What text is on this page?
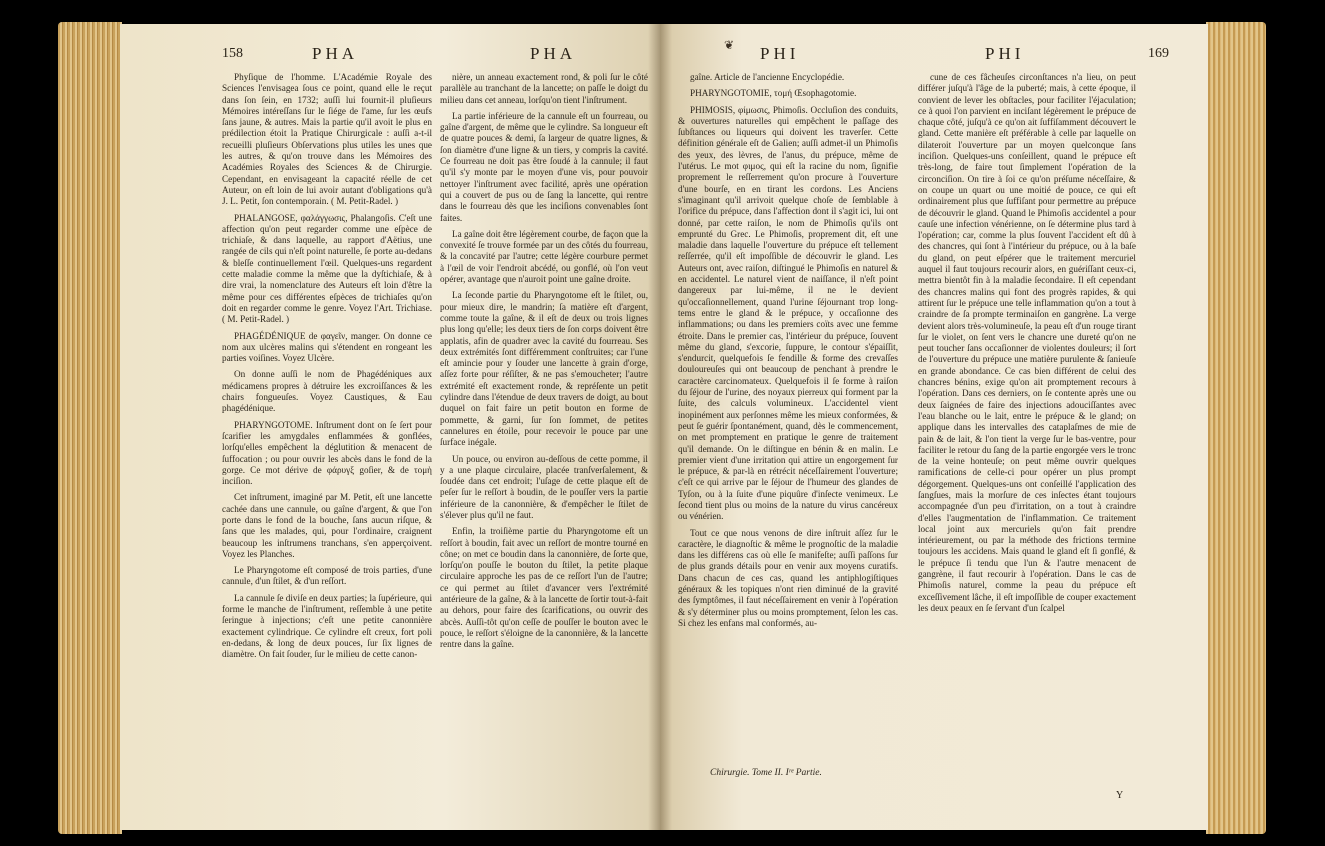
158	PHA	PHA	❦ PHI	PHI	169

Phyſique de l'homme. L'Académie Royale des Sciences l'envisagea ſous ce point, quand elle le reçut dans ſon ſein, en 1732; auſſi lui fournit-il pluſieurs Mémoires intéreſſans ſur le ſiége de l'ame, ſur les œufs ſans jaune, & autres. Mais la partie qu'il avoit le plus en prédilection étoit la Pratique Chirurgicale : auſſi a-t-il recueilli pluſieurs Obſervations plus utiles les unes que les autres, & qu'on trouve dans les Mémoires des Académies Royales des Sciences & de Chirurgie. Cependant, en envisageant la capacité réelle de cet Auteur, on eſt loin de lui avoir autant d'obligations qu'à J. L. Petit, ſon contemporain. ( M. Petit-Radel. )

PHALANGOSE, φαλάγγωσις, Phalangoſis. C'eſt une affection qu'on peut regarder comme une eſpèce de trichiaſe, & dans laquelle, au rapport d'Aëtius, une rangée de cils qui n'eſt point naturelle, ſe porte au-dedans & bleſſe continuellement l'œil. Quelques-uns regardent cette maladie comme la même que la dyſtichiaſe, & à dire vrai, la nomenclature des Auteurs eſt loin d'être la même pour ces différentes eſpèces de trichiaſes qu'on doit en regarder comme le genre. Voyez l'Art. Trichiase. ( M. Petit-Radel. )

PHAGÉDÉNIQUE de φαγεῖν, manger. On donne ce nom aux ulcères malins qui s'étendent en rongeant les parties voiſines. Voyez Ulcère.

On donne auſſi le nom de Phagédéniques aux médicamens propres à détruire les excroiſſances & les chairs fongueuſes. Voyez Caustiques, & Eau phagédénique.

PHARYNGOTOME. Inſtrument dont on ſe ſert pour ſcarifier les amygdales enflammées & gonflées, lorſqu'elles empêchent la déglutition & menacent de ſuffocation ; ou pour ouvrir les abcès dans le fond de la gorge. Ce mot dérive de φάρυγξ goſier, & de τομὴ inciſion.

Cet inſtrument, imaginé par M. Petit, eſt une lancette cachée dans une cannule, ou gaîne d'argent, & que l'on porte dans le fond de la bouche, ſans aucun riſque, & ſans que les malades, qui, pour l'ordinaire, craignent beaucoup les inſtrumens tranchans, s'en apperçoivent. Voyez les Planches.

Le Pharyngotome eſt composé de trois parties, d'une cannule, d'un ſtilet, & d'un reſſort.

La cannule ſe diviſe en deux parties; la ſupérieure, qui forme le manche de l'inſtrument, reſſemble à une petite ſeringue à injections; c'eſt une petite canonnière exactement cylindrique. Ce cylindre eſt creux, fort poli en-dedans, & long de deux pouces, ſur ſix lignes de diamètre. On fait ſouder, ſur le milieu de cette canon-

nière, un anneau exactement rond, & poli ſur le côté parallèle au tranchant de la lancette; on paſſe le doigt du milieu dans cet anneau, lorſqu'on tient l'inſtrument.

La partie inférieure de la cannule eſt un fourreau, ou gaîne d'argent, de même que le cylindre. Sa longueur eſt de quatre pouces & demi, ſa largeur de quatre lignes, & ſon diamètre d'une ligne & un tiers, y compris la cavité. Ce fourreau ne doit pas être ſoudé à la cannule; il faut qu'il s'y monte par le moyen d'une vis, pour pouvoir nettoyer l'inſtrument avec facilité, après une opération qui a couvert de pus ou de ſang la lancette, qui rentre dans le fourreau dès que les inciſions convenables ſont faites.

La gaîne doit être légèrement courbe, de façon que la convexité ſe trouve formée par un des côtés du fourreau, & la concavité par l'autre; cette légère courbure permet à l'œil de voir l'endroit abcédé, ou gonflé, où l'on veut opérer, avantage que n'auroit point une gaîne droite.

La ſeconde partie du Pharyngotome eſt le ſtilet, ou, pour mieux dire, le mandrin; ſa matière eſt d'argent, comme toute la gaîne, & il eſt de deux ou trois lignes plus long qu'elle; les deux tiers de ſon corps doivent être applatis, afin de quadrer avec la cavité du fourreau. Ses deux extrémités ſont différemment conſtruites; car l'une eſt amincie pour y ſouder une lancette à grain d'orge, aſſez forte pour réſiſter, & ne pas s'emoucheter; l'autre extrémité eſt exactement ronde, & repréſente un petit cylindre dans l'étendue de deux travers de doigt, au bout duquel on fait faire un petit bouton en forme de pommette, & garni, ſur ſon ſommet, de petites cannelures en étoile, pour recevoir le pouce par une ſurface inégale.

Un pouce, ou environ au-deſſous de cette pomme, il y a une plaque circulaire, placée tranſverſalement, & ſoudée dans cet endroit; l'uſage de cette plaque eſt de peſer ſur le reſſort à boudin, de le pouſſer vers la partie inférieure de la canonnière, & d'empêcher le ſtilet de s'élever plus qu'il ne faut.

Enfin, la troiſième partie du Pharyngotome eſt un reſſort à boudin, fait avec un reſſort de montre tourné en cône; on met ce boudin dans la canonnière, de ſorte que, lorſqu'on pouſſe le bouton du ſtilet, la petite plaque circulaire approche les pas de ce reſſort l'un de l'autre; ce qui permet au ſtilet d'avancer vers l'extrémité antérieure de la gaîne, & à la lancette de ſortir tout-à-fait au dehors, pour faire des ſcarifications, ou ouvrir des abcès. Auſſi-tôt qu'on ceſſe de pouſſer le bouton avec le pouce, le reſſort s'éloigne de la canonnière, & la lancette rentre dans la gaîne.

gaîne. Article de l'ancienne Encyclopédie.

PHARYNGOTOMIE, τομή Œsophagotomie.

PHIMOSIS, φίμωσις, Phimoſis. Occluſion des conduits, & ouvertures naturelles qui empêchent le paſſage des ſubſtances ou liqueurs qui doivent les traverſer. Cette définition générale eſt de Galien; auſſi admet-il un Phimoſis des yeux, des lèvres, de l'anus, du prépuce, même de l'utérus. Le mot φιμος, qui eſt la racine du nom, ſignifie proprement le reſſerrement qu'on procure à l'ouverture d'une bourſe, en en tirant les cordons. Les Anciens s'imaginant qu'il arrivoit quelque choſe de ſemblable à l'orifice du prépuce, dans l'affection dont il s'agit ici, lui ont donné, par cette raiſon, le nom de Phimoſis qu'ils ont emprunté du Grec. Le Phimoſis, proprement dit, eſt une maladie dans laquelle l'ouverture du prépuce eſt tellement reſſerrée, qu'il eſt impoſſible de découvrir le gland. Les Auteurs ont, avec raiſon, diſtingué le Phimoſis en naturel & en accidentel. Le naturel vient de naiſſance, il n'eſt point dangereux par lui-même, il ne le devient qu'occaſionnellement, quand l'urine ſéjournant trop long-tems entre le gland & le prépuce, y occaſionne des inflammations; ou dans les premiers coïts avec une femme étroite. Dans le premier cas, l'intérieur du prépuce, ſouvent même du gland, s'excorie, ſuppure, le contour s'épaiſſit, s'endurcit, quelquefois ſe fendille & forme des crevaſſes douloureuſes qui ont beaucoup de penchant à prendre le caractère carcinomateux. Quelquefois il ſe forme à raiſon du ſéjour de l'urine, des noyaux pierreux qui forment par la ſuite, des calculs volumineux. L'accidentel vient inopinément aux perſonnes même les mieux conformées, & peut ſe guérir ſpontanément, quand, dès le commencement, on met promptement en pratique le genre de traitement qu'il demande. On le diſtingue en bénin & en malin. Le premier vient d'une irritation qui attire un engorgement ſur le prépuce, & par-là en rétrécit néceſſairement l'ouverture; c'eſt ce qui arrive par le ſéjour de l'humeur des glandes de Tyſon, ou à la ſuite d'une piquûre d'inſecte venimeux. Le ſecond tient plus ou moins de la nature du virus cancéreux ou vénérien.

Tout ce que nous venons de dire inſtruit aſſez ſur le caractère, le diagnoſtic & même le prognoſtic de la maladie dans les différens cas où elle ſe manifeſte; auſſi paſſons ſur de plus grands détails pour en venir aux moyens curatifs. Dans chacun de ces cas, quand les antiphlogiſtiques généraux & les topiques n'ont rien diminué de la gravité des ſymptômes, il faut néceſſairement en venir à l'opération & s'y déterminer plus ou moins promptement, ſelon les cas. Si chez les enfans mal conformés, au-

cune de ces fâcheuſes circonſtances n'a lieu, on peut différer juſqu'à l'âge de la puberté; mais, à cette époque, il convient de lever les obſtacles, pour faciliter l'éjaculation; ce à quoi l'on parvient en inciſant légèrement le prépuce de chaque côté, juſqu'à ce qu'on ait ſuffiſamment découvert le gland. Cette manière eſt préférable à celle par laquelle on dilateroit l'ouverture par un moyen quelconque ſans inciſion. Quelques-uns conſeillent, quand le prépuce eſt très-long, de faire tout ſimplement l'opération de la circonciſion. On tire à ſoi ce qu'on préſume néceſſaire, & on coupe un quart ou une moitié de pouce, ce qui eſt ordinairement plus que ſuffiſant pour permettre au prépuce de découvrir le gland. Quand le Phimoſis accidentel a pour cauſe une infection vénérienne, on ſe détermine plus tard à l'opération; car, comme la plus ſouvent l'accident eſt dû à des chancres, qui ſont à l'intérieur du prépuce, ou à la baſe du gland, on peut eſpérer que le traitement mercuriel auquel il faut toujours recourir alors, en guériſſant ceux-ci, mettra bientôt fin à la maladie ſecondaire. Il eſt cependant des chancres malins qui font des progrès rapides, & qui attirent ſur le prépuce une telle inflammation qu'on a tout à craindre de ſa prompte terminaiſon en gangrène. La verge devient alors très-volumineuſe, la peau eſt d'un rouge tirant ſur le violet, on ſent vers le chancre une dureté qu'on ne peut toucher ſans occaſionner de violentes douleurs; il ſort de l'ouverture du prépuce une matière purulente & ſanieuſe en grande abondance. Ce cas bien différent de celui des chancres bénins, exige qu'on ait promptement recours à l'opération. Dans ces derniers, on ſe contente après une ou deux ſaignées de faire des injections adouciſſantes avec l'eau blanche ou le lait, entre le prépuce & le gland; on applique dans les intervalles des cataplaſmes de mie de pain & de lait, & l'on tient la verge ſur le bas-ventre, pour faciliter le retour du ſang de la partie engorgée vers le tronc de la veine honteuſe; on peut même ouvrir quelques ramifications de celle-ci pour opérer un plus prompt dégorgement. Quelques-uns ont conſeillé l'application des ſangſues, mais la morſure de ces inſectes étant toujours accompagnée d'un peu d'irritation, on a tout à craindre d'elles l'augmentation de l'inflammation. Ce traitement local joint aux mercuriels qu'on fait prendre intérieurement, ou par la méthode des frictions termine toujours les accidens. Mais quand le gland eſt ſi gonflé, & le prépuce ſi tendu que l'un & l'autre menacent de gangrène, il faut recourir à l'opération. Dans le cas de Phimoſis naturel, comme la peau du prépuce eſt exceſſivement lâche, il eſt impoſſible de couper exactement les deux peaux en ſe ſervant d'un ſcalpel

Chirurgie. Tome II. Iʳᵉ Partie.
Y
